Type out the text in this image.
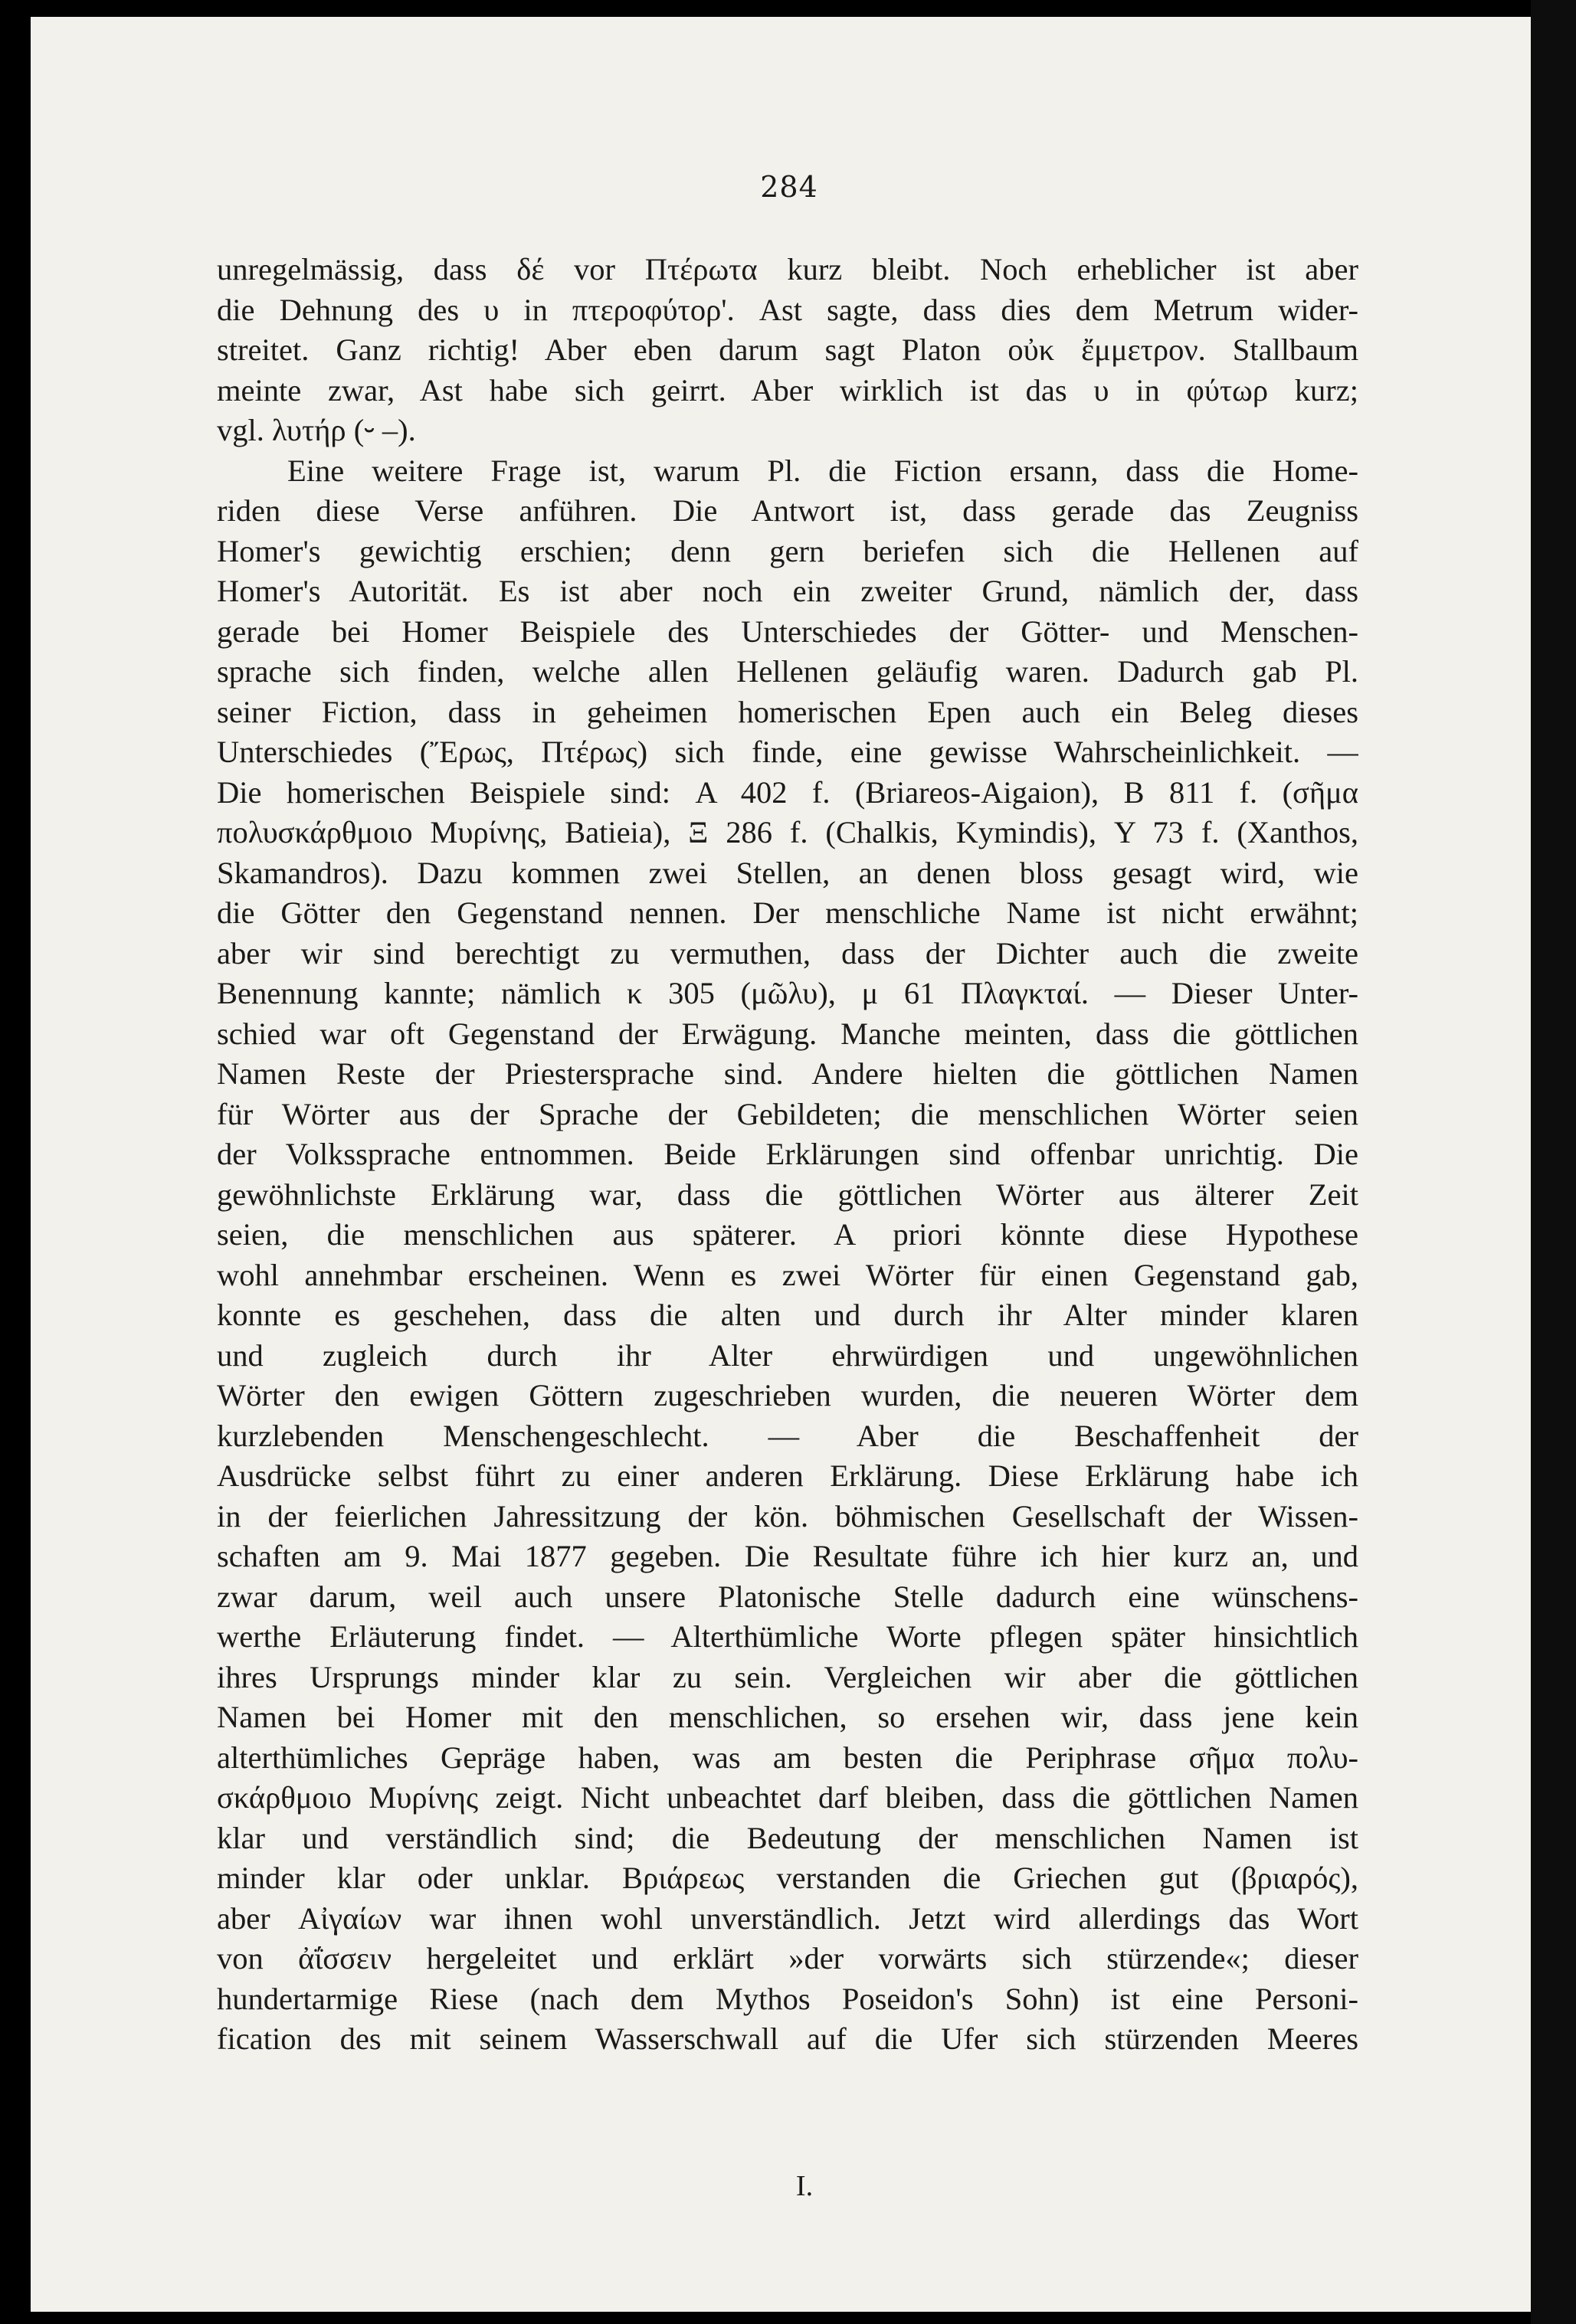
284
unregelmässig, dass δέ vor Πτέρωτα kurz bleibt. Noch erheblicher ist aber
die Dehnung des υ in πτεροφύτορ'. Ast sagte, dass dies dem Metrum wider-
streitet. Ganz richtig! Aber eben darum sagt Platon οὐκ ἔμμετρον. Stallbaum
meinte zwar, Ast habe sich geirrt. Aber wirklich ist das υ in φύτωρ kurz;
vgl. λυτήρ (⏑ –).
Eine weitere Frage ist, warum Pl. die Fiction ersann, dass die Home-
riden diese Verse anführen. Die Antwort ist, dass gerade das Zeugniss
Homer's gewichtig erschien; denn gern beriefen sich die Hellenen auf
Homer's Autorität. Es ist aber noch ein zweiter Grund, nämlich der, dass
gerade bei Homer Beispiele des Unterschiedes der Götter- und Menschen-
sprache sich finden, welche allen Hellenen geläufig waren. Dadurch gab Pl.
seiner Fiction, dass in geheimen homerischen Epen auch ein Beleg dieses
Unterschiedes (Ἔρως, Πτέρως) sich finde, eine gewisse Wahrscheinlichkeit. —
Die homerischen Beispiele sind: Α 402 f. (Briareos-Aigaion), Β 811 f. (σῆμα
πολυσκάρθμοιο Μυρίνης, Batieia), Ξ 286 f. (Chalkis, Kymindis), Υ 73 f. (Xanthos,
Skamandros). Dazu kommen zwei Stellen, an denen bloss gesagt wird, wie
die Götter den Gegenstand nennen. Der menschliche Name ist nicht erwähnt;
aber wir sind berechtigt zu vermuthen, dass der Dichter auch die zweite
Benennung kannte; nämlich κ 305 (μῶλυ), μ 61 Πλαγκταί. — Dieser Unter-
schied war oft Gegenstand der Erwägung. Manche meinten, dass die göttlichen
Namen Reste der Priestersprache sind. Andere hielten die göttlichen Namen
für Wörter aus der Sprache der Gebildeten; die menschlichen Wörter seien
der Volkssprache entnommen. Beide Erklärungen sind offenbar unrichtig. Die
gewöhnlichste Erklärung war, dass die göttlichen Wörter aus älterer Zeit
seien, die menschlichen aus späterer. A priori könnte diese Hypothese
wohl annehmbar erscheinen. Wenn es zwei Wörter für einen Gegenstand gab,
konnte es geschehen, dass die alten und durch ihr Alter minder klaren
und zugleich durch ihr Alter ehrwürdigen und ungewöhnlichen
Wörter den ewigen Göttern zugeschrieben wurden, die neueren Wörter dem
kurzlebenden Menschengeschlecht. — Aber die Beschaffenheit der
Ausdrücke selbst führt zu einer anderen Erklärung. Diese Erklärung habe ich
in der feierlichen Jahressitzung der kön. böhmischen Gesellschaft der Wissen-
schaften am 9. Mai 1877 gegeben. Die Resultate führe ich hier kurz an, und
zwar darum, weil auch unsere Platonische Stelle dadurch eine wünschens-
werthe Erläuterung findet. — Alterthümliche Worte pflegen später hinsichtlich
ihres Ursprungs minder klar zu sein. Vergleichen wir aber die göttlichen
Namen bei Homer mit den menschlichen, so ersehen wir, dass jene kein
alterthümliches Gepräge haben, was am besten die Periphrase σῆμα πολυ-
σκάρθμοιο Μυρίνης zeigt. Nicht unbeachtet darf bleiben, dass die göttlichen Namen
klar und verständlich sind; die Bedeutung der menschlichen Namen ist
minder klar oder unklar. Βριάρεως verstanden die Griechen gut (βριαρός),
aber Αἰγαίων war ihnen wohl unverständlich. Jetzt wird allerdings das Wort
von ἀΐσσειν hergeleitet und erklärt »der vorwärts sich stürzende«; dieser
hundertarmige Riese (nach dem Mythos Poseidon's Sohn) ist eine Personi-
fication des mit seinem Wasserschwall auf die Ufer sich stürzenden Meeres
I.
